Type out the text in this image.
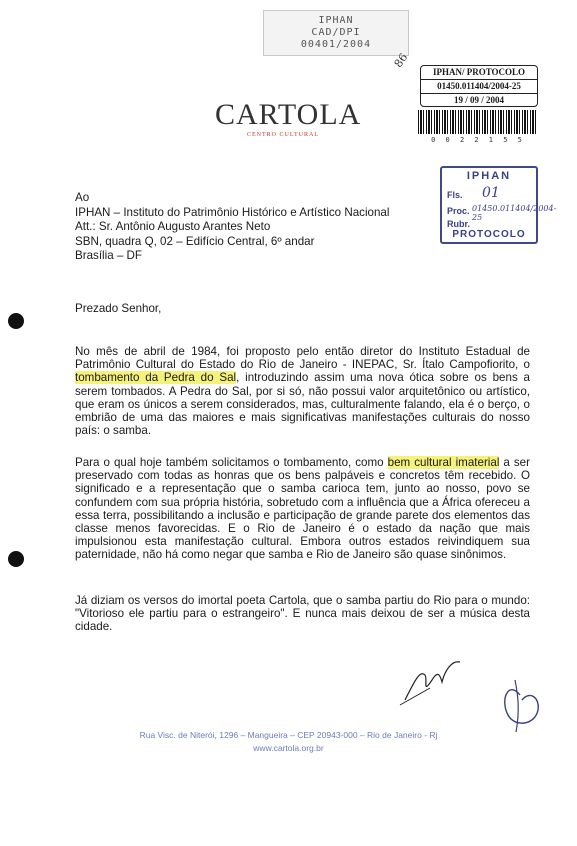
IPHAN
CAD/DPI
00401/2004
86
IPHAN/ PROTOCOLO
01450.011404/2004-25
19 / 09 / 2004
0 0 2 2 1 5 5
CARTOLA
CENTRO CULTURAL
IPHAN
Fls. 01
Proc. 01450.011404/2004-25
Rubr.
PROTOCOLO
Ao
IPHAN – Instituto do Patrimônio Histórico e Artístico Nacional
Att.: Sr. Antônio Augusto Arantes Neto
SBN, quadra Q, 02 – Edifício Central, 6º andar
Brasília – DF
Prezado Senhor,
No mês de abril de 1984, foi proposto pelo então diretor do Instituto Estadual de Patrimônio Cultural do Estado do Rio de Janeiro - INEPAC, Sr. Ítalo Campofiorito, o tombamento da Pedra do Sal, introduzindo assim uma nova ótica sobre os bens a serem tombados. A Pedra do Sal, por si só, não possui valor arquitetônico ou artístico, que eram os únicos a serem considerados, mas, culturalmente falando, ela é o berço, o embrião de uma das maiores e mais significativas manifestações culturais do nosso país: o samba.
Para o qual hoje também solicitamos o tombamento, como bem cultural imaterial a ser preservado com todas as honras que os bens palpáveis e concretos têm recebido. O significado e a representação que o samba carioca tem, junto ao nosso, povo se confundem com sua própria história, sobretudo com a influência que a África ofereceu a essa terra, possibilitando a inclusão e participação de grande parete dos elementos das classe menos favorecidas. E o Rio de Janeiro é o estado da nação que mais impulsionou esta manifestação cultural. Embora outros estados reivindiquem sua paternidade, não há como negar que samba e Rio de Janeiro são quase sinônimos.
Já diziam os versos do imortal poeta Cartola, que o samba partiu do Rio para o mundo: "Vitorioso ele partiu para o estrangeiro". E nunca mais deixou de ser a música desta cidade.
Rua Visc. de Niterói, 1296 – Mangueira – CEP 20943-000 – Rio de Janeiro - Rj
www.cartola.org.br
